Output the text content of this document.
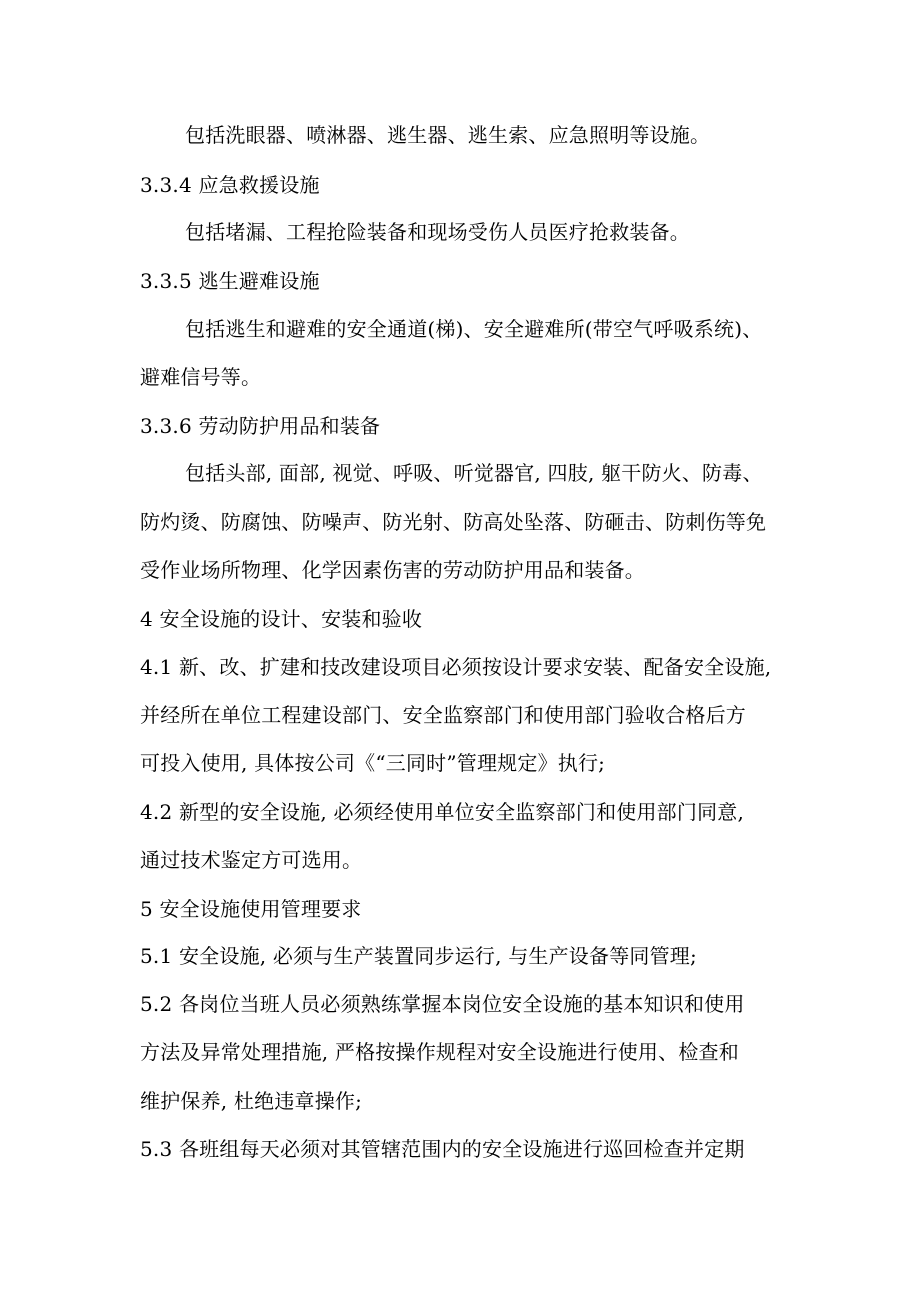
包括洗眼器、喷淋器、逃生器、逃生索、应急照明等设施。
3.3.4 应急救援设施
包括堵漏、工程抢险装备和现场受伤人员医疗抢救装备。
3.3.5 逃生避难设施
包括逃生和避难的安全通道(梯)、安全避难所(带空气呼吸系统)、
避难信号等。
3.3.6 劳动防护用品和装备
包括头部, 面部, 视觉、呼吸、听觉器官, 四肢, 躯干防火、防毒、
防灼烫、防腐蚀、防噪声、防光射、防高处坠落、防砸击、防刺伤等免
受作业场所物理、化学因素伤害的劳动防护用品和装备。
4 安全设施的设计、安装和验收
4.1 新、改、扩建和技改建设项目必须按设计要求安装、配备安全设施,
并经所在单位工程建设部门、安全监察部门和使用部门验收合格后方
可投入使用, 具体按公司《“三同时”管理规定》执行;
4.2 新型的安全设施, 必须经使用单位安全监察部门和使用部门同意,
通过技术鉴定方可选用。
5 安全设施使用管理要求
5.1 安全设施, 必须与生产装置同步运行, 与生产设备等同管理;
5.2 各岗位当班人员必须熟练掌握本岗位安全设施的基本知识和使用
方法及异常处理措施, 严格按操作规程对安全设施进行使用、检查和
维护保养, 杜绝违章操作;
5.3 各班组每天必须对其管辖范围内的安全设施进行巡回检查并定期
